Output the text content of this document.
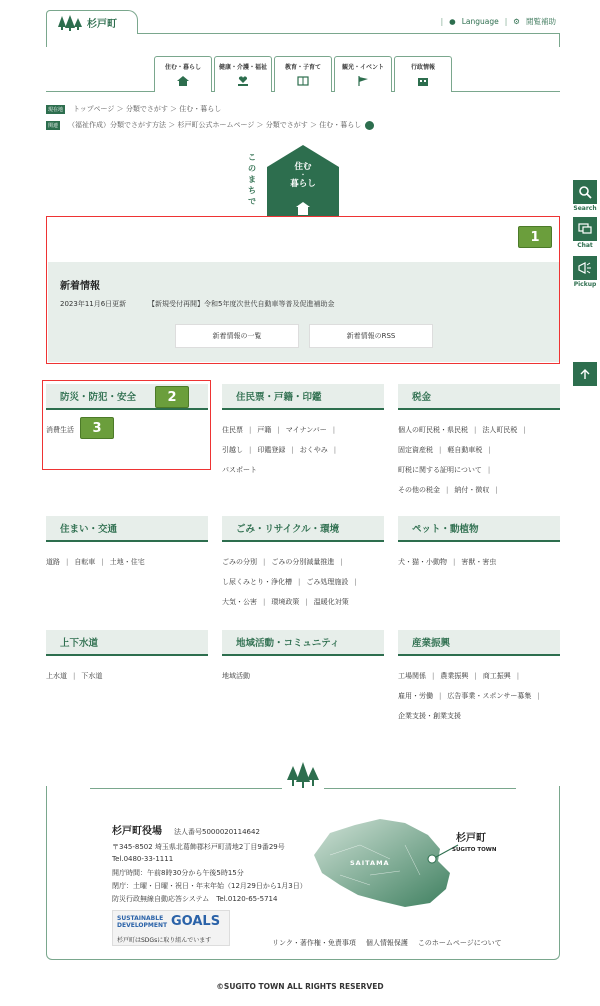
杉戸町	| ● Language | ⚙ 閲覧補助
住む・暮らし	健康・介護・福祉	教育・子育て	観光・イベント	行政情報
現在地 トップページ ＞ 分類でさがす ＞ 住む・暮らし
関連 （福祉作成）分類でさがす方法 ＞ 杉戸町公式ホームページ ＞ 分類でさがす ＞ 住む・暮らし
このまちで
住む
・
暮らし
Search
Chat
Pickup
1
新着情報
2023年11月6日更新	【新規受付再開】令和5年度次世代自動車等普及促進補助金
新着情報の一覧	新着情報のRSS
防災・防犯・安全	2
消費生活	3
住民票・戸籍・印鑑
住民票 | 戸籍 | マイナンバー |
引越し | 印鑑登録 | おくやみ |
パスポート
税金
個人の町民税・県民税 | 法人町民税 |
固定資産税 | 軽自動車税 |
町税に関する証明について |
その他の税金 | 納付・徴収 |
住まい・交通
道路 | 自転車 | 土地・住宅
ごみ・リサイクル・環境
ごみの分別 | ごみの分別減量推進 |
し尿くみとり・浄化槽 | ごみ処理施設 |
大気・公害 | 環境政策 | 温暖化対策
ペット・動植物
犬・猫・小動物 | 害獣・害虫
上下水道
上水道 | 下水道
地域活動・コミュニティ
地域活動
産業振興
工場関係 | 農業振興 | 商工振興 |
雇用・労働 | 広告事業・スポンサー募集 |
企業支援・創業支援
杉戸町役場 法人番号5000020114642
〒345-8502 埼玉県北葛飾郡杉戸町清地2丁目9番29号
Tel.0480-33-1111
開庁時間：午前8時30分から午後5時15分
閉庁：土曜・日曜・祝日・年末年始（12月29日から1月3日）
防災行政無線自動応答システム　Tel.0120-65-5714
SUSTAINABLE
DEVELOPMENT GOALS
杉戸町はSDGsに取り組んでいます
SAITAMA
杉戸町
SUGITO TOWN
リンク・著作権・免責事項 個人情報保護 このホームページについて
©SUGITO TOWN ALL RIGHTS RESERVED
